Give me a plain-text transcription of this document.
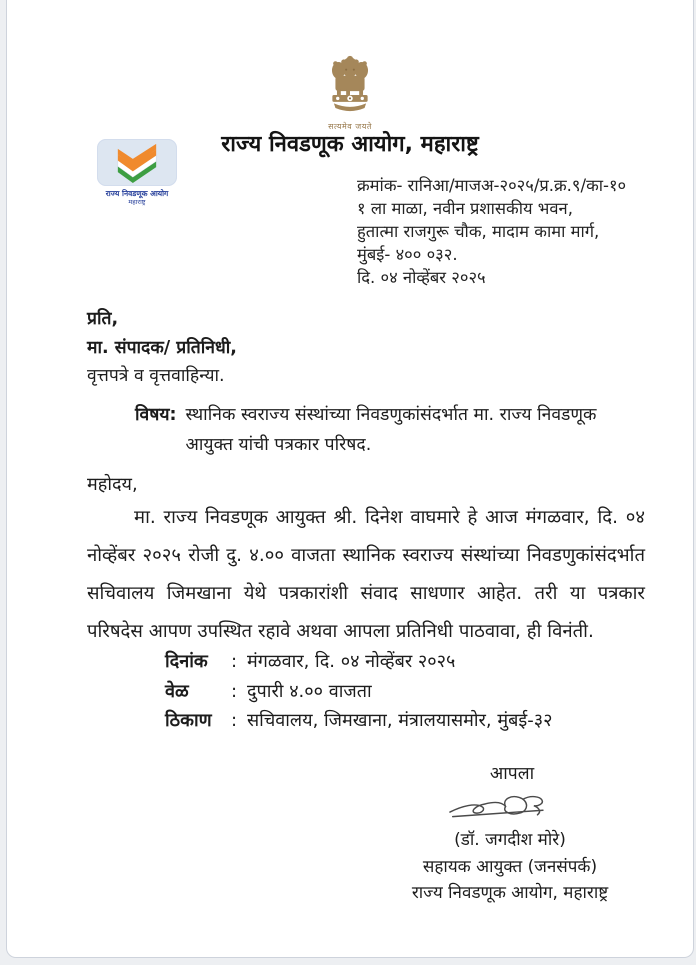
सत्यमेव जयते
राज्य निवडणूक आयोग, महाराष्ट्र
राज्य निवडणूक आयोग
महाराष्ट्र
क्रमांक- रानिआ/माजअ-२०२५/प्र.क्र.९/का-१०
१ ला माळा, नवीन प्रशासकीय भवन,
हुतात्मा राजगुरू चौक, मादाम कामा मार्ग,
मुंबई- ४०० ०३२.
दि. ०४ नोव्हेंबर २०२५
प्रति,
मा. संपादक/ प्रतिनिधी,
वृत्तपत्रे व वृत्तवाहिन्या.
विषय: स्थानिक स्वराज्य संस्थांच्या निवडणुकांसंदर्भात मा. राज्य निवडणूक आयुक्त यांची पत्रकार परिषद.
महोदय,
मा. राज्य निवडणूक आयुक्त श्री. दिनेश वाघमारे हे आज मंगळवार, दि. ०४ नोव्हेंबर २०२५ रोजी दु. ४.०० वाजता स्थानिक स्वराज्य संस्थांच्या निवडणुकांसंदर्भात सचिवालय जिमखाना येथे पत्रकारांशी संवाद साधणार आहेत. तरी या पत्रकार परिषदेस आपण उपस्थित रहावे अथवा आपला प्रतिनिधी पाठवावा, ही विनंती.
दिनांक	: मंगळवार, दि. ०४ नोव्हेंबर २०२५
वेळ	: दुपारी ४.०० वाजता
ठिकाण	: सचिवालय, जिमखाना, मंत्रालयासमोर, मुंबई-३२
आपला
(डॉ. जगदीश मोरे)
सहायक आयुक्त (जनसंपर्क)
राज्य निवडणूक आयोग, महाराष्ट्र
